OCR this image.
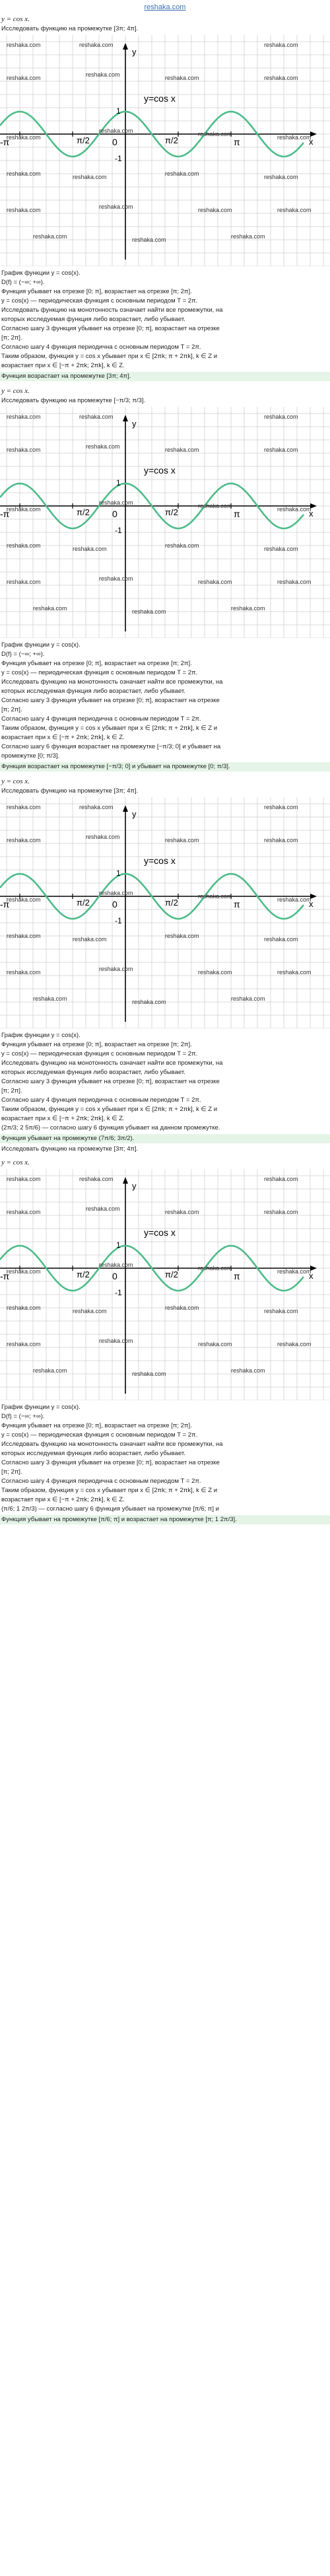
reshaka.com
y = cos x.
Исследовать функцию на промежутке [3π; 4π].
reshaka.com	reshaka.com	reshaka.com
reshaka.com	reshaka.com	reshaka.com	reshaka.com
reshaka.com
reshaka.com	reshaka.com	reshaka.com
reshaka.com	reshaka.com	reshaka.com	reshaka.com
reshaka.com	reshaka.com	reshaka.com	reshaka.com
reshaka.com	reshaka.com	reshaka.com
y=cos x
y
x
1
-1
-π	π/2 0	π/2	π
График функции y = cos(x).
D(f) = (−∞; +∞).
Функция убывает на отрезке [0; π], возрастает на отрезке [π; 2π].
y = cos(x) — периодическая функция с основным периодом T = 2π.
Исследовать функцию на монотонность означает найти все промежутки, на
которых исследуемая функция либо возрастает, либо убывает.
Согласно шагу 3 функция убывает на отрезке [0; π], возрастает на отрезке
[π; 2π].
Согласно шагу 4 функция периодична с основным периодом T = 2π.
Таким образом, функция y = cos x убывает при x ∈ [2πk; π + 2πk], k ∈ Z и
возрастает при x ∈ [−π + 2πk; 2πk], k ∈ Z.
Функция возрастает на промежутке [3π; 4π].
y = cos x.
Исследовать функцию на промежутке [−π/3; π/3].
reshaka.com	reshaka.com	reshaka.com
reshaka.com	reshaka.com	reshaka.com	reshaka.com
reshaka.com
reshaka.com	reshaka.com	reshaka.com
reshaka.com	reshaka.com	reshaka.com	reshaka.com
reshaka.com	reshaka.com	reshaka.com	reshaka.com
reshaka.com	reshaka.com	reshaka.com
y=cos x
y
x
1
-1
-π	π/2 0	π/2	π
График функции y = cos(x).
D(f) = (−∞; +∞).
Функция убывает на отрезке [0; π], возрастает на отрезке [π; 2π].
y = cos(x) — периодическая функция с основным периодом T = 2π.
Исследовать функцию на монотонность означает найти все промежутки, на
которых исследуемая функция либо возрастает, либо убывает.
Согласно шагу 3 функция убывает на отрезке [0; π], возрастает на отрезке
[π; 2π].
Согласно шагу 4 функция периодична с основным периодом T = 2π.
Таким образом, функция y = cos x убывает при x ∈ [2πk; π + 2πk], k ∈ Z и
возрастает при x ∈ [−π + 2πk; 2πk], k ∈ Z.
Согласно шагу 6 функция возрастает на промежутке [−π/3; 0] и убывает на
промежутке [0; π/3].
Функция возрастает на промежутке [−π/3; 0] и убывает на промежутке [0; π/3].
y = cos x.
Исследовать функцию на промежутке [3π; 4π].
reshaka.com	reshaka.com	reshaka.com
reshaka.com	reshaka.com	reshaka.com	reshaka.com
reshaka.com
reshaka.com	reshaka.com	reshaka.com
reshaka.com	reshaka.com	reshaka.com	reshaka.com
reshaka.com	reshaka.com	reshaka.com	reshaka.com
reshaka.com	reshaka.com	reshaka.com
y=cos x
y
x
1
-1
-π	π/2 0	π/2	π
График функции y = cos(x).
Функция убывает на отрезке [0; π], возрастает на отрезке [π; 2π].
y = cos(x) — периодическая функция с основным периодом T = 2π.
Исследовать функцию на монотонность означает найти все промежутки, на
которых исследуемая функция либо возрастает, либо убывает.
Согласно шагу 3 функция убывает на отрезке [0; π], возрастает на отрезке
[π; 2π].
Согласно шагу 4 функция периодична с основным периодом T = 2π.
Таким образом, функция y = cos x убывает при x ∈ [2πk; π + 2πk], k ∈ Z и
возрастает при x ∈ [−π + 2πk; 2πk], k ∈ Z.
(2π/3; 2 5π/6) — согласно шагу 6 функция убывает на данном промежутке.
Функция убывает на промежутке (7π/6; 3π/2).
Исследовать функцию на промежутке [3π; 4π].
y = cos x.
reshaka.com	reshaka.com	reshaka.com
reshaka.com	reshaka.com	reshaka.com	reshaka.com
reshaka.com
reshaka.com	reshaka.com	reshaka.com
reshaka.com	reshaka.com	reshaka.com	reshaka.com
reshaka.com	reshaka.com	reshaka.com	reshaka.com
reshaka.com	reshaka.com	reshaka.com
y=cos x
y
x
1
-1
-π	π/2 0	π/2	π
График функции y = cos(x).
D(f) = (−∞; +∞).
Функция убывает на отрезке [0; π], возрастает на отрезке [π; 2π].
y = cos(x) — периодическая функция с основным периодом T = 2π.
Исследовать функцию на монотонность означает найти все промежутки, на
которых исследуемая функция либо возрастает, либо убывает.
Согласно шагу 3 функция убывает на отрезке [0; π], возрастает на отрезке
[π; 2π].
Согласно шагу 4 функция периодична с основным периодом T = 2π.
Таким образом, функция y = cos x убывает при x ∈ [2πk; π + 2πk], k ∈ Z и
возрастает при x ∈ [−π + 2πk; 2πk], k ∈ Z.
(π/6; 1 2π/3) — согласно шагу 6 функция убывает на промежутке [π/6; π] и
Функция убывает на промежутке [π/6; π] и возрастает на промежутке [π; 1 2π/3].
